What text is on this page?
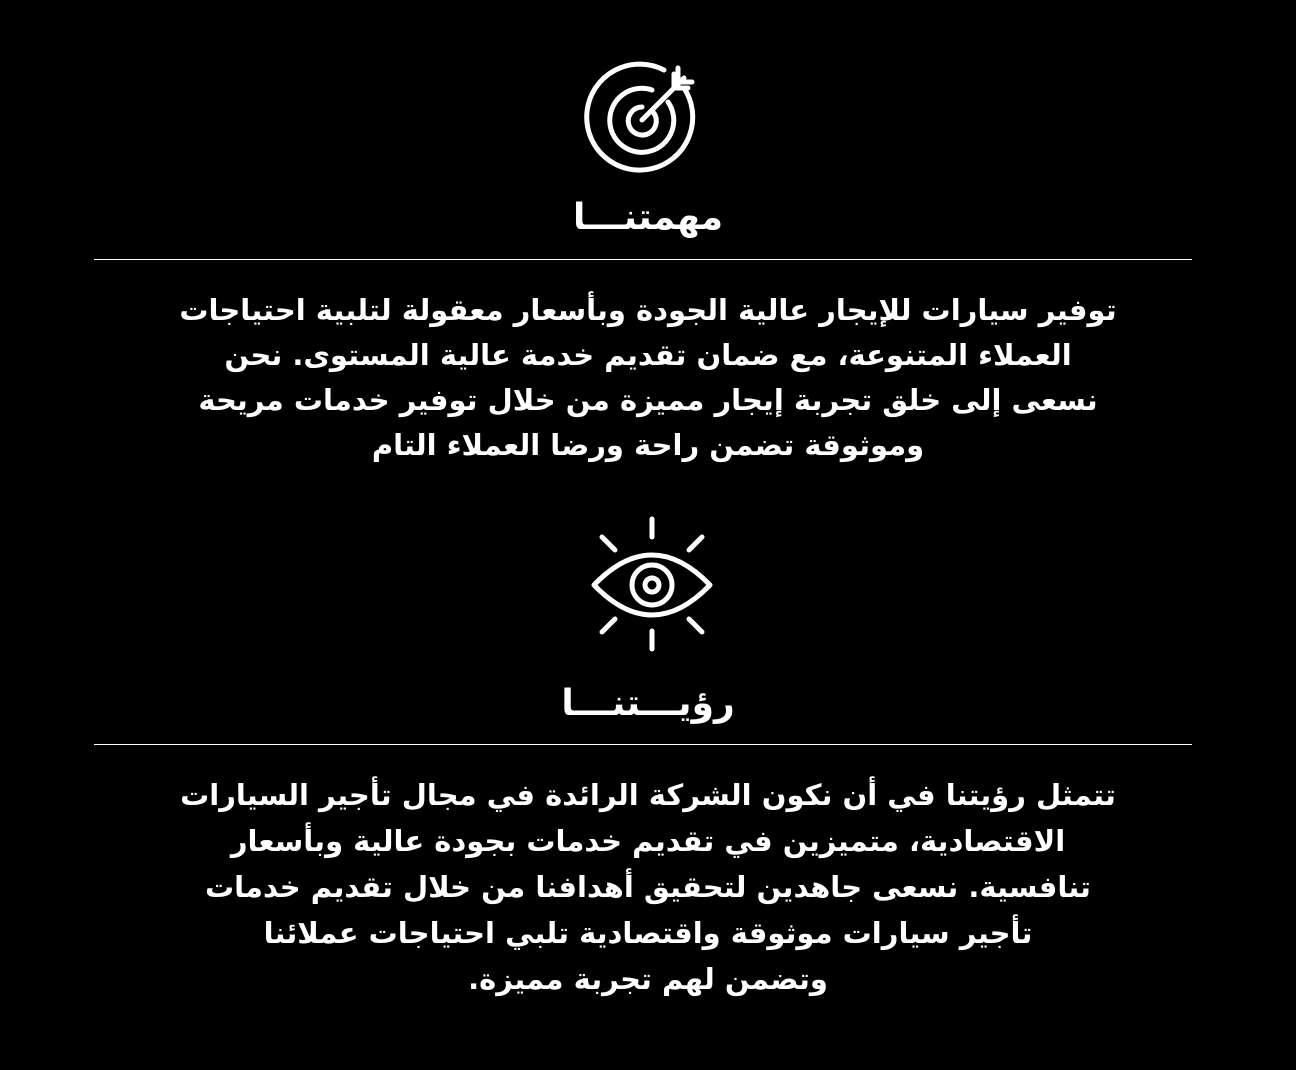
مهمتنـــا
توفير سيارات للإيجار عالية الجودة وبأسعار معقولة لتلبية احتياجات
العملاء المتنوعة، مع ضمان تقديم خدمة عالية المستوى. نحن
نسعى إلى خلق تجربة إيجار مميزة من خلال توفير خدمات مريحة
وموثوقة تضمن راحة ورضا العملاء التام
رؤيـــتنـــا
تتمثل رؤيتنا في أن نكون الشركة الرائدة في مجال تأجير السيارات
الاقتصادية، متميزين في تقديم خدمات بجودة عالية وبأسعار
تنافسية. نسعى جاهدين لتحقيق أهدافنا من خلال تقديم خدمات
تأجير سيارات موثوقة واقتصادية تلبي احتياجات عملائنا
وتضمن لهم تجربة مميزة.
